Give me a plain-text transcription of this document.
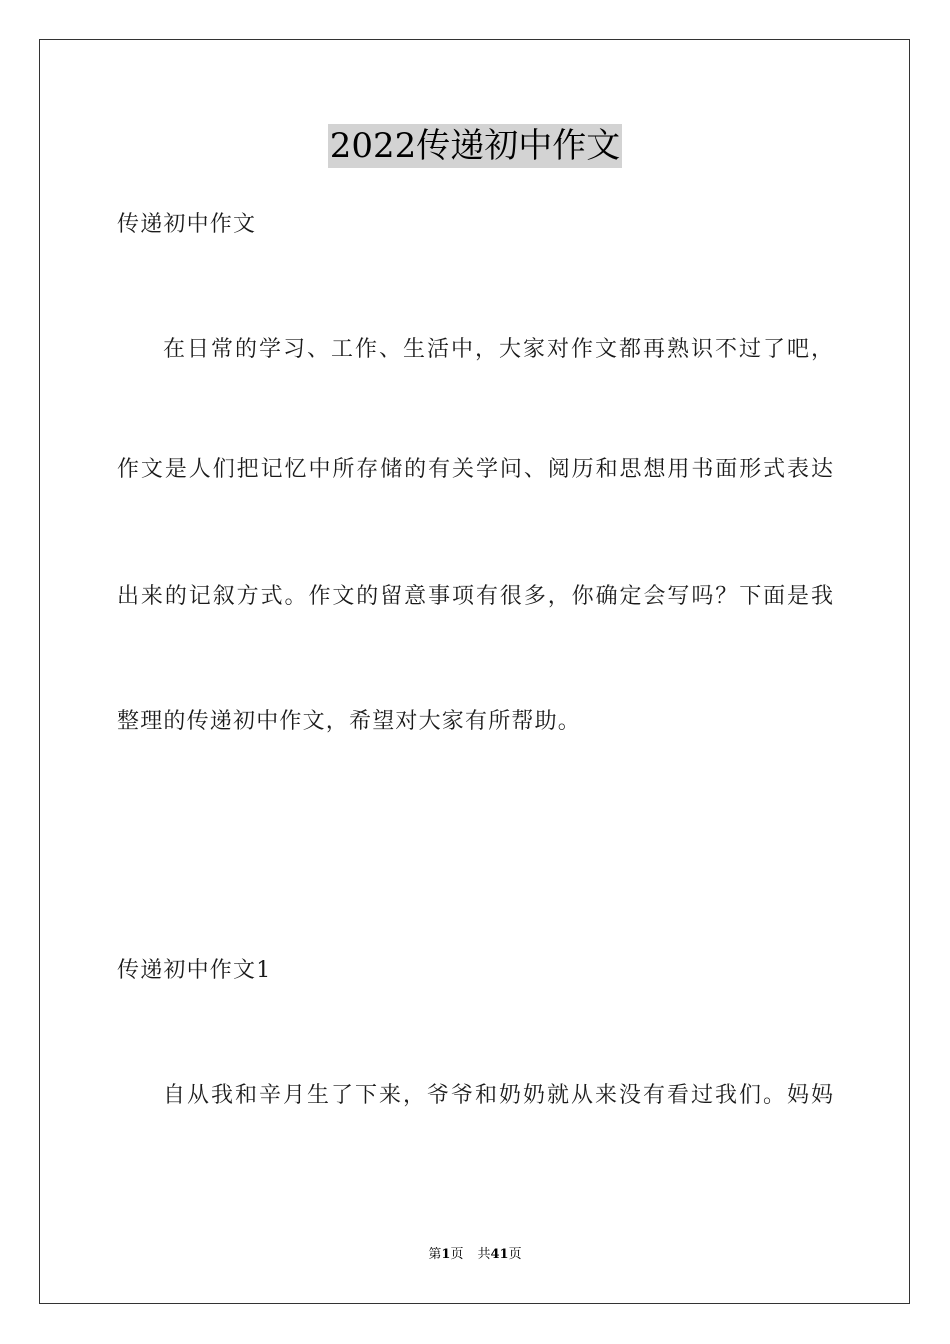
2022传递初中作文
传递初中作文
在日常的学习、工作、生活中，大家对作文都再熟识不过了吧，
作文是人们把记忆中所存储的有关学问、阅历和思想用书面形式表达
出来的记叙方式。作文的留意事项有很多，你确定会写吗？下面是我
整理的传递初中作文，希望对大家有所帮助。
传递初中作文1
自从我和辛月生了下来，爷爷和奶奶就从来没有看过我们。妈妈
第1页 共41页
